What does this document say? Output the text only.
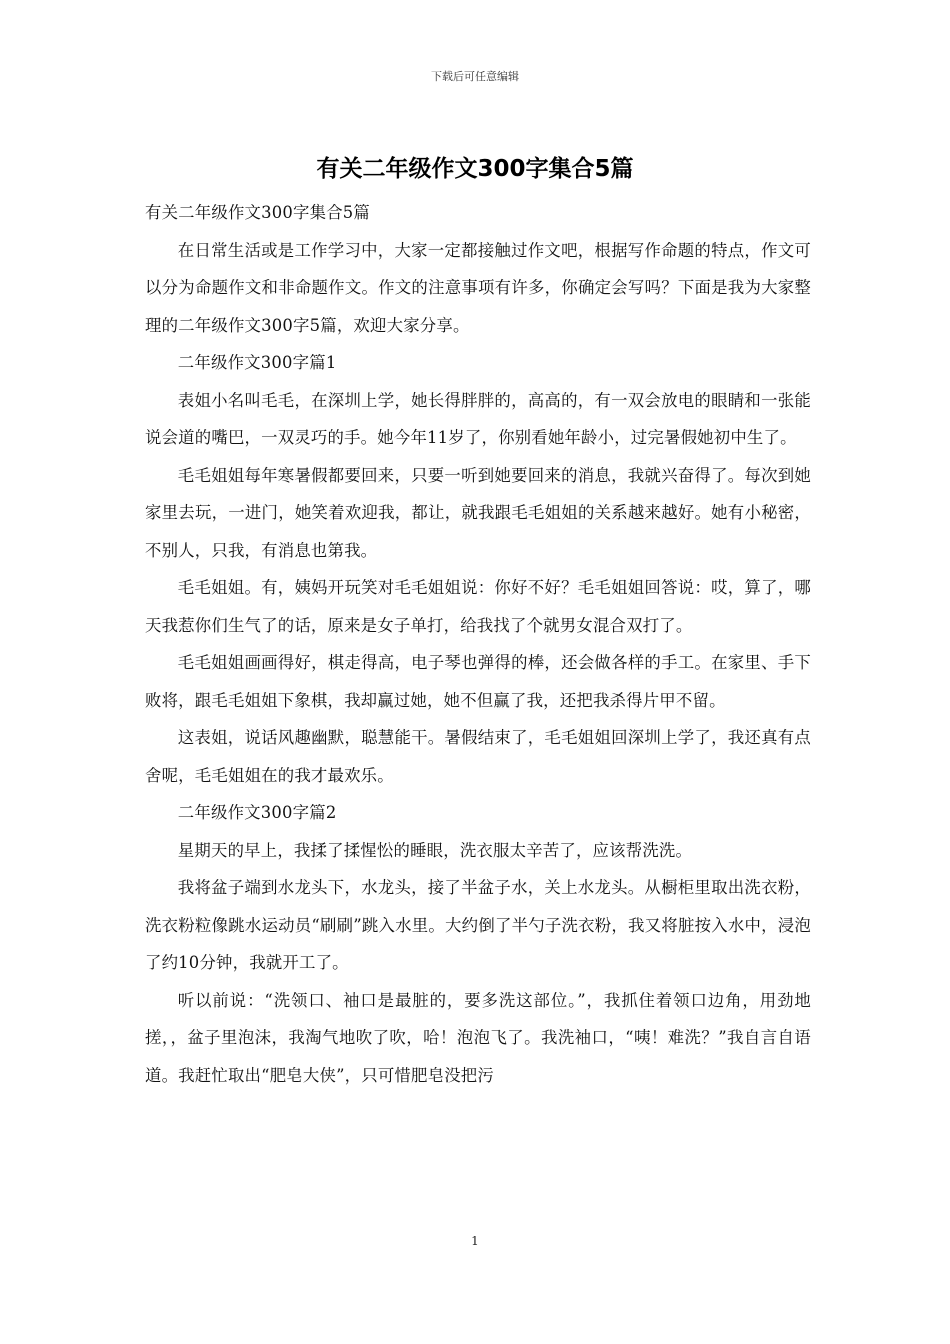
下载后可任意编辑
有关二年级作文300字集合5篇

有关二年级作文300字集合5篇

在日常生活或是工作学习中，大家一定都接触过作文吧，根据写作命题的特点，作文可以分为命题作文和非命题作文。作文的注意事项有许多，你确定会写吗？下面是我为大家整理的二年级作文300字5篇，欢迎大家分享。

二年级作文300字篇1

表姐小名叫毛毛，在深圳上学，她长得胖胖的，高高的，有一双会放电的眼睛和一张能说会道的嘴巴，一双灵巧的手。她今年11岁了，你别看她年龄小，过完暑假她初中生了。

毛毛姐姐每年寒暑假都要回来，只要一听到她要回来的消息，我就兴奋得了。每次到她家里去玩，一进门，她笑着欢迎我，都让，就我跟毛毛姐姐的关系越来越好。她有小秘密，不别人，只我，有消息也第我。

毛毛姐姐。有，姨妈开玩笑对毛毛姐姐说：你好不好？毛毛姐姐回答说：哎，算了，哪天我惹你们生气了的话，原来是女子单打，给我找了个就男女混合双打了。

毛毛姐姐画画得好，棋走得高，电子琴也弹得的棒，还会做各样的手工。在家里、手下败将，跟毛毛姐姐下象棋，我却赢过她，她不但赢了我，还把我杀得片甲不留。

这表姐，说话风趣幽默，聪慧能干。暑假结束了，毛毛姐姐回深圳上学了，我还真有点舍呢，毛毛姐姐在的我才最欢乐。

二年级作文300字篇2

星期天的早上，我揉了揉惺忪的睡眼，洗衣服太辛苦了，应该帮洗洗。

我将盆子端到水龙头下，水龙头，接了半盆子水，关上水龙头。从橱柜里取出洗衣粉，洗衣粉粒像跳水运动员“刷刷”跳入水里。大约倒了半勺子洗衣粉，我又将脏按入水中，浸泡了约10分钟，我就开工了。

听以前说：“洗领口、袖口是最脏的，要多洗这部位。”，我抓住着领口边角，用劲地搓，，盆子里泡沫，我淘气地吹了吹，哈！泡泡飞了。我洗袖口，“咦！难洗？”我自言自语道。我赶忙取出“肥皂大侠”，只可惜肥皂没把污

1
